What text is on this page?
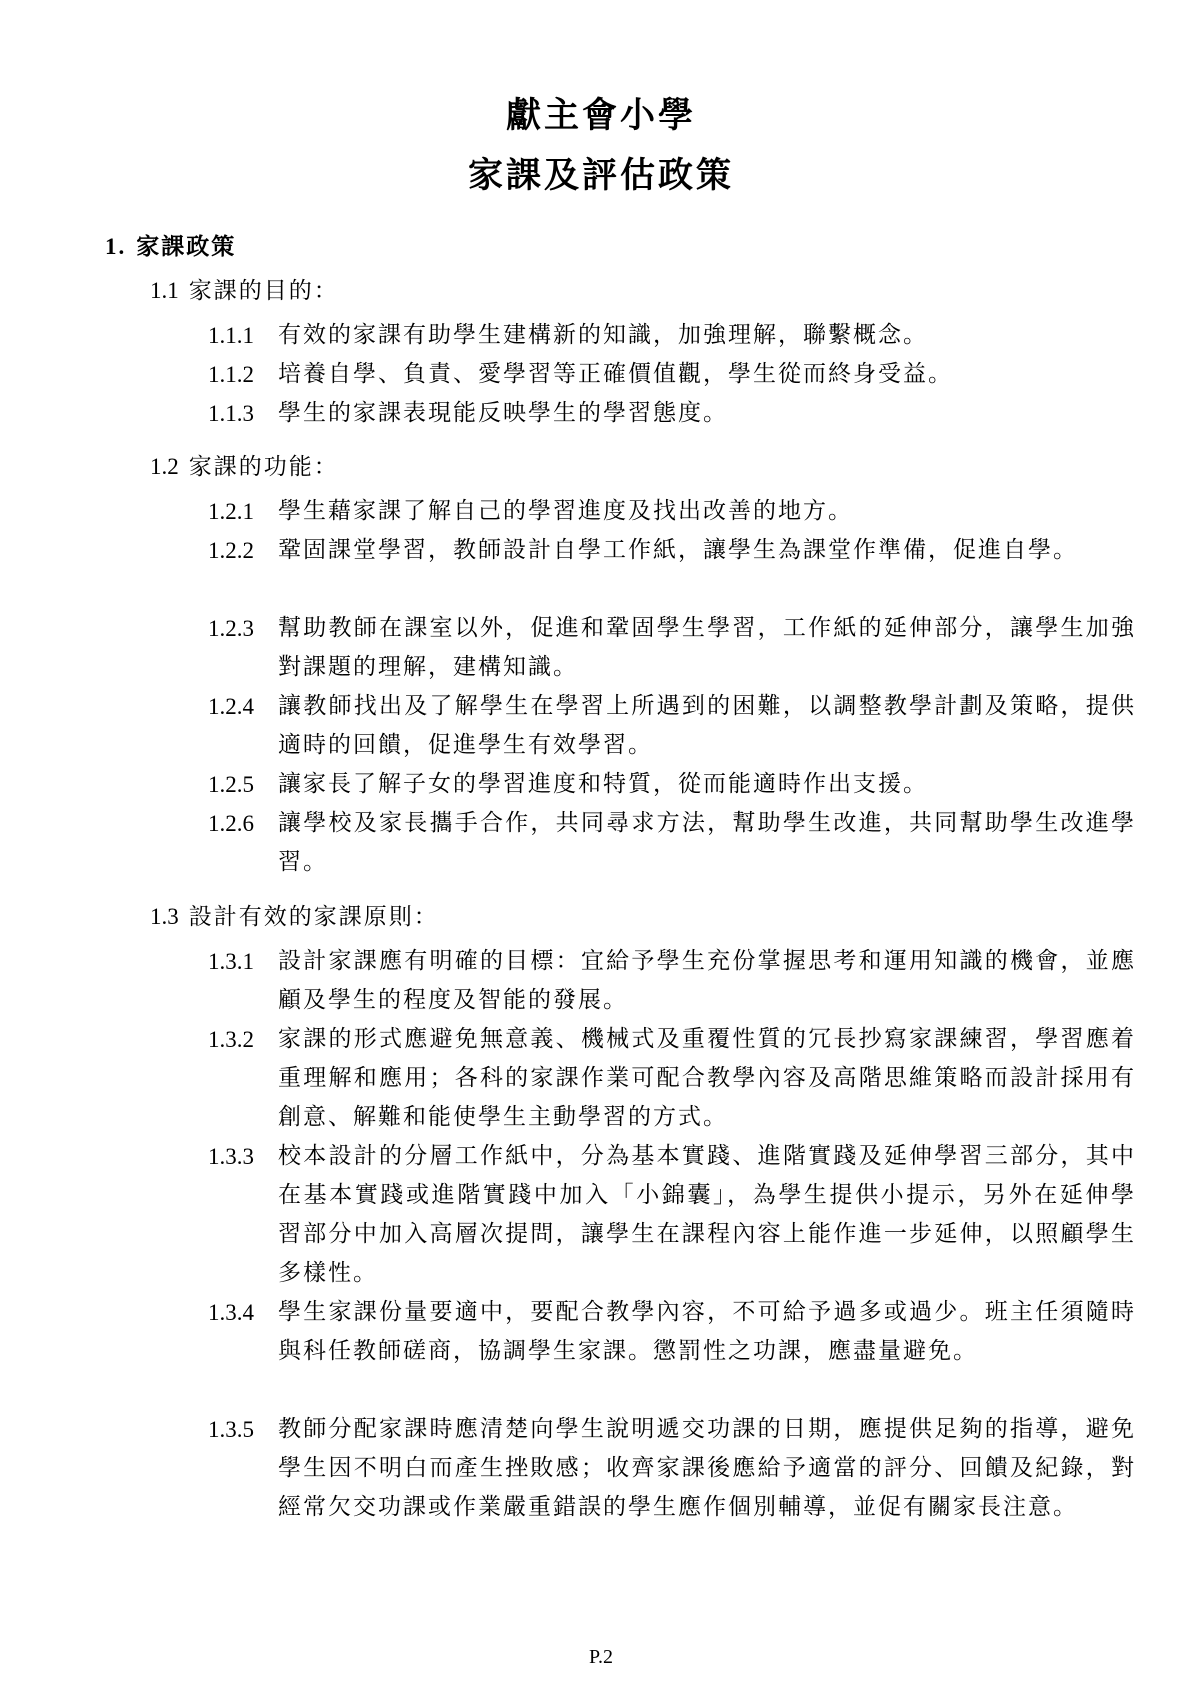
獻主會小學
家課及評估政策
1. 家課政策
1.1 家課的目的：
1.1.1	有效的家課有助學生建構新的知識，加強理解，聯繫概念。
1.1.2	培養自學、負責、愛學習等正確價值觀，學生從而終身受益。
1.1.3	學生的家課表現能反映學生的學習態度。
1.2 家課的功能：
1.2.1	學生藉家課了解自己的學習進度及找出改善的地方。
1.2.2	鞏固課堂學習，教師設計自學工作紙，讓學生為課堂作準備，促進自學。
1.2.3	幫助教師在課室以外，促進和鞏固學生學習，工作紙的延伸部分，讓學生加強對課題的理解，建構知識。
1.2.4	讓教師找出及了解學生在學習上所遇到的困難，以調整教學計劃及策略，提供適時的回饋，促進學生有效學習。
1.2.5	讓家長了解子女的學習進度和特質，從而能適時作出支援。
1.2.6	讓學校及家長攜手合作，共同尋求方法，幫助學生改進，共同幫助學生改進學習。
1.3 設計有效的家課原則：
1.3.1	設計家課應有明確的目標：宜給予學生充份掌握思考和運用知識的機會，並應顧及學生的程度及智能的發展。
1.3.2	家課的形式應避免無意義、機械式及重覆性質的冗長抄寫家課練習，學習應着重理解和應用；各科的家課作業可配合教學內容及高階思維策略而設計採用有創意、解難和能使學生主動學習的方式。
1.3.3	校本設計的分層工作紙中，分為基本實踐、進階實踐及延伸學習三部分，其中在基本實踐或進階實踐中加入「小錦囊」，為學生提供小提示，另外在延伸學習部分中加入高層次提問，讓學生在課程內容上能作進一步延伸，以照顧學生多樣性。
1.3.4	學生家課份量要適中，要配合教學內容，不可給予過多或過少。班主任須隨時與科任教師磋商，協調學生家課。懲罰性之功課，應盡量避免。
1.3.5	教師分配家課時應清楚向學生說明遞交功課的日期，應提供足夠的指導，避免學生因不明白而產生挫敗感；收齊家課後應給予適當的評分、回饋及紀錄，對經常欠交功課或作業嚴重錯誤的學生應作個別輔導，並促有關家長注意。
P.2
